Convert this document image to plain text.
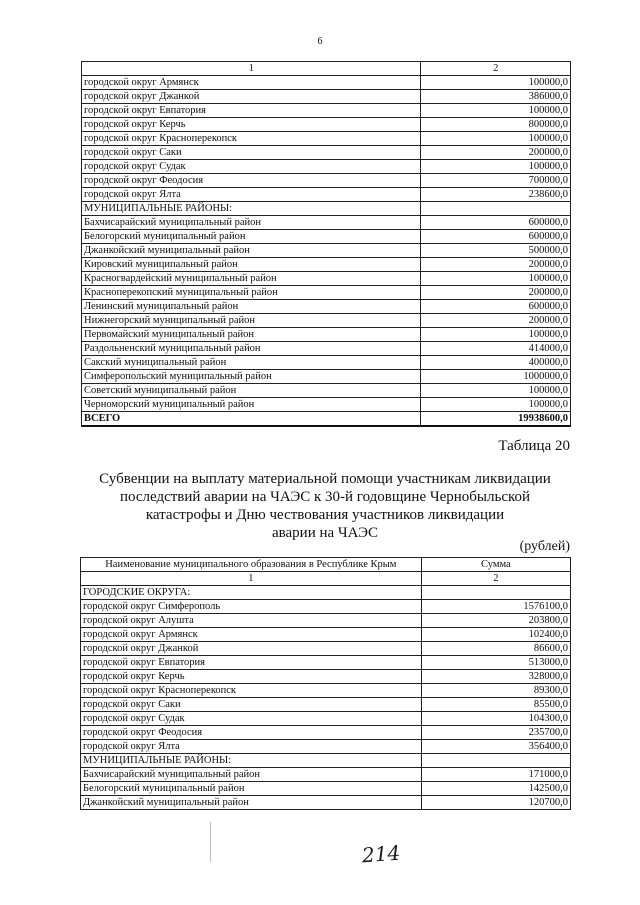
6
1	2
городской округ Армянск	100000,0
городской округ Джанкой	386000,0
городской округ Евпатория	100000,0
городской округ Керчь	800000,0
городской округ Красноперекопск	100000,0
городской округ Саки	200000,0
городской округ Судак	100000,0
городской округ Феодосия	700000,0
городской округ Ялта	238600,0
МУНИЦИПАЛЬНЫЕ РАЙОНЫ:	
Бахчисарайский муниципальный район	600000,0
Белогорский муниципальный район	600000,0
Джанкойский муниципальный район	500000,0
Кировский муниципальный район	200000,0
Красногвардейский муниципальный район	100000,0
Красноперекопский муниципальный район	200000,0
Ленинский муниципальный район	600000,0
Нижнегорский муниципальный район	200000,0
Первомайский муниципальный район	100000,0
Раздольненский муниципальный район	414000,0
Сакский муниципальный район	400000,0
Симферопольский муниципальный район	1000000,0
Советский муниципальный район	100000,0
Черноморский муниципальный район	100000,0
ВСЕГО	19938600,0
Таблица 20
Субвенции на выплату материальной помощи участникам ликвидации
последствий аварии на ЧАЭС к 30-й годовщине Чернобыльской
катастрофы и Дню чествования участников ликвидации
аварии на ЧАЭС
(рублей)
Наименование муниципального образования в Республике Крым	Сумма
1	2
ГОРОДСКИЕ ОКРУГА:	
городской округ Симферополь	1576100,0
городской округ Алушта	203800,0
городской округ Армянск	102400,0
городской округ Джанкой	86600,0
городской округ Евпатория	513000,0
городской округ Керчь	328000,0
городской округ Красноперекопск	89300,0
городской округ Саки	85500,0
городской округ Судак	104300,0
городской округ Феодосия	235700,0
городской округ Ялта	356400,0
МУНИЦИПАЛЬНЫЕ РАЙОНЫ:	
Бахчисарайский муниципальный район	171000,0
Белогорский муниципальный район	142500,0
Джанкойский муниципальный район	120700,0
214
